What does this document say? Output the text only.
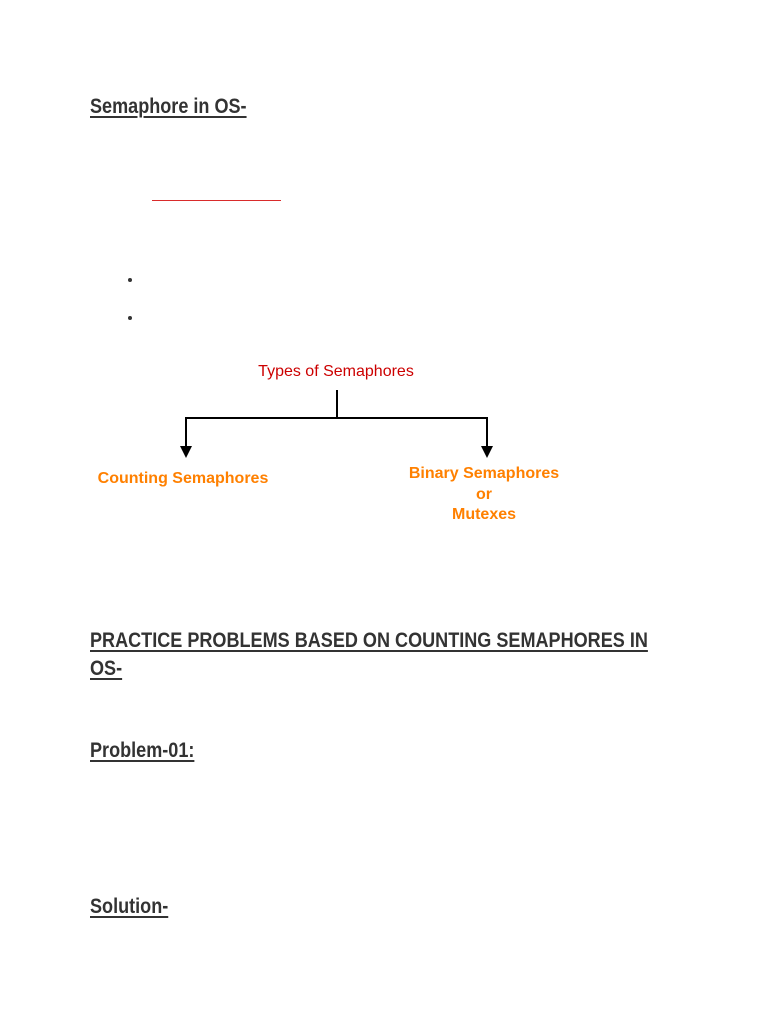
Semaphore in OS-
Types of Semaphores
Counting Semaphores	Binary Semaphores
or
Mutexes
PRACTICE PROBLEMS BASED ON COUNTING SEMAPHORES IN OS-
Problem-01:
Solution-
